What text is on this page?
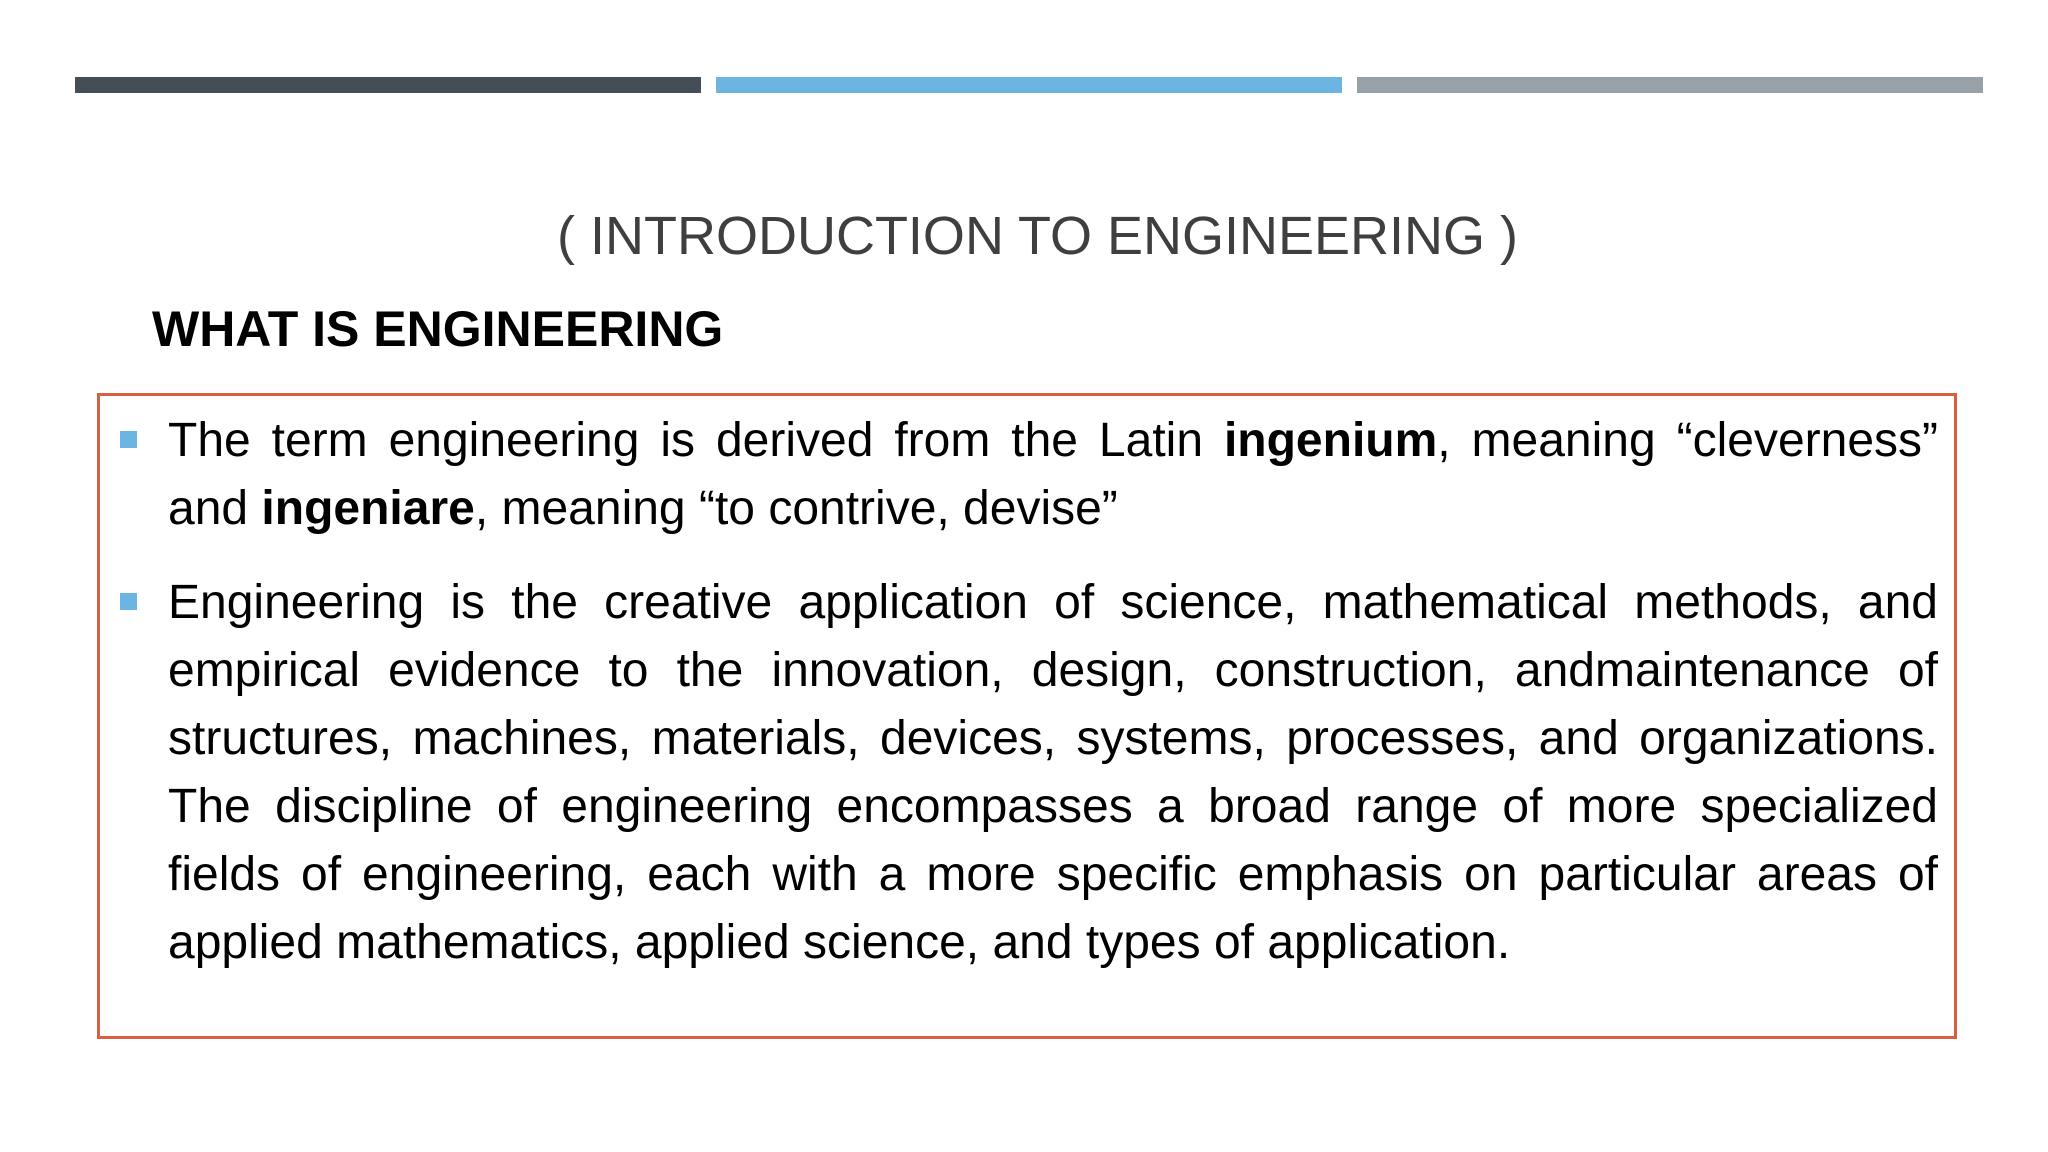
( INTRODUCTION TO ENGINEERING )
WHAT IS ENGINEERING

The term engineering is derived from the Latin ingenium, meaning “cleverness” and ingeniare, meaning “to contrive, devise”

Engineering is the creative application of science, mathematical methods, and empirical evidence to the innovation, design, construction, andmaintenance of structures, machines, materials, devices, systems, processes, and organizations. The discipline of engineering encompasses a broad range of more specialized fields of engineering, each with a more specific emphasis on particular areas of applied mathematics, applied science, and types of application.
